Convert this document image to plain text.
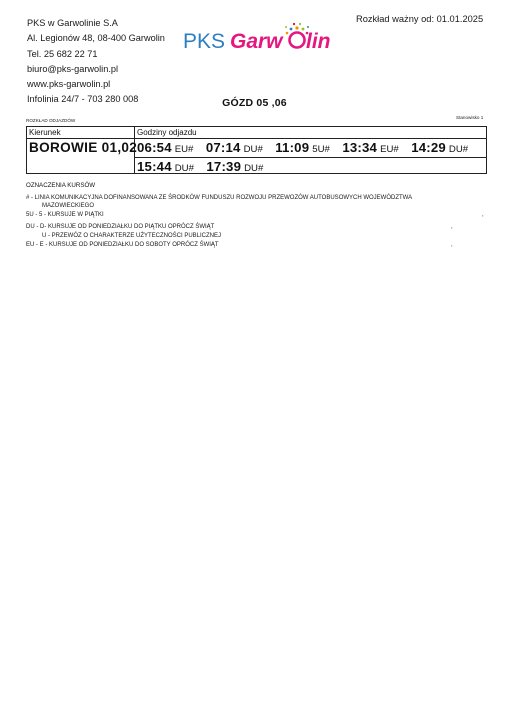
PKS w Garwolinie S.A
Al. Legionów 48, 08-400 Garwolin
Tel. 25 682 22 71
biuro@pks-garwolin.pl
www.pks-garwolin.pl
Infolinia 24/7 - 703 280 008
PKS Garw lin
Rozkład ważny od: 01.01.2025
GÓZD 05 ,06
ROZKŁAD ODJAZDÓW
Stanowisko 1
Kierunek	Godziny odjazdu
BOROWIE 01,02 06:54 EU# 07:14 DU# 11:09 5U# 13:34 EU# 14:29 DU#
15:44 DU# 17:39 DU#
OZNACZENIA KURSÓW
# - LINIA KOMUNIKACYJNA DOFINANSOWANA ZE ŚRODKÓW FUNDUSZU ROZWOJU PRZEWOZÓW AUTOBUSOWYCH WOJEWÓDZTWA
MAZOWIECKIEGO
5U - 5 - KURSUJE W PIĄTKI
DU - D- KURSUJE OD PONIEDZIAŁKU DO PIĄTKU OPRÓCZ ŚWIĄT
U - PRZEWÓZ O CHARAKTERZE UŻYTECZNOŚCI PUBLICZNEJ
EU - E - KURSUJE OD PONIEDZIAŁKU DO SOBOTY OPRÓCZ ŚWIĄT
,
,
,
